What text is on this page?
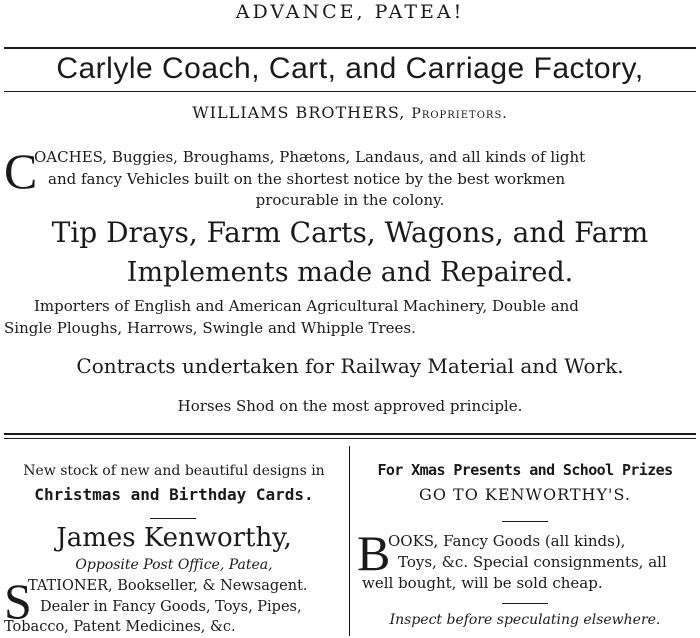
ADVANCE, PATEA!
Carlyle Coach, Cart, and Carriage Factory,
WILLIAMS BROTHERS, Proprietors.
C
OACHES, Buggies, Broughams, Phætons, Landaus, and all kinds of light
and fancy Vehicles built on the shortest notice by the best workmen
procurable in the colony.
Tip Drays, Farm Carts, Wagons, and Farm
Implements made and Repaired.
Importers of English and American Agricultural Machinery, Double and
Single Ploughs, Harrows, Swingle and Whipple Trees.
Contracts undertaken for Railway Material and Work.
Horses Shod on the most approved principle.
New stock of new and beautiful designs in
Christmas and Birthday Cards.
James Kenworthy,
Opposite Post Office, Patea,
S
TATIONER, Bookseller, & Newsagent.
Dealer in Fancy Goods, Toys, Pipes,
Tobacco, Patent Medicines, &c.
For Xmas Presents and School Prizes
GO TO KENWORTHY'S.
B
OOKS, Fancy Goods (all kinds),
Toys, &c. Special consignments, all
well bought, will be sold cheap.
Inspect before speculating elsewhere.
